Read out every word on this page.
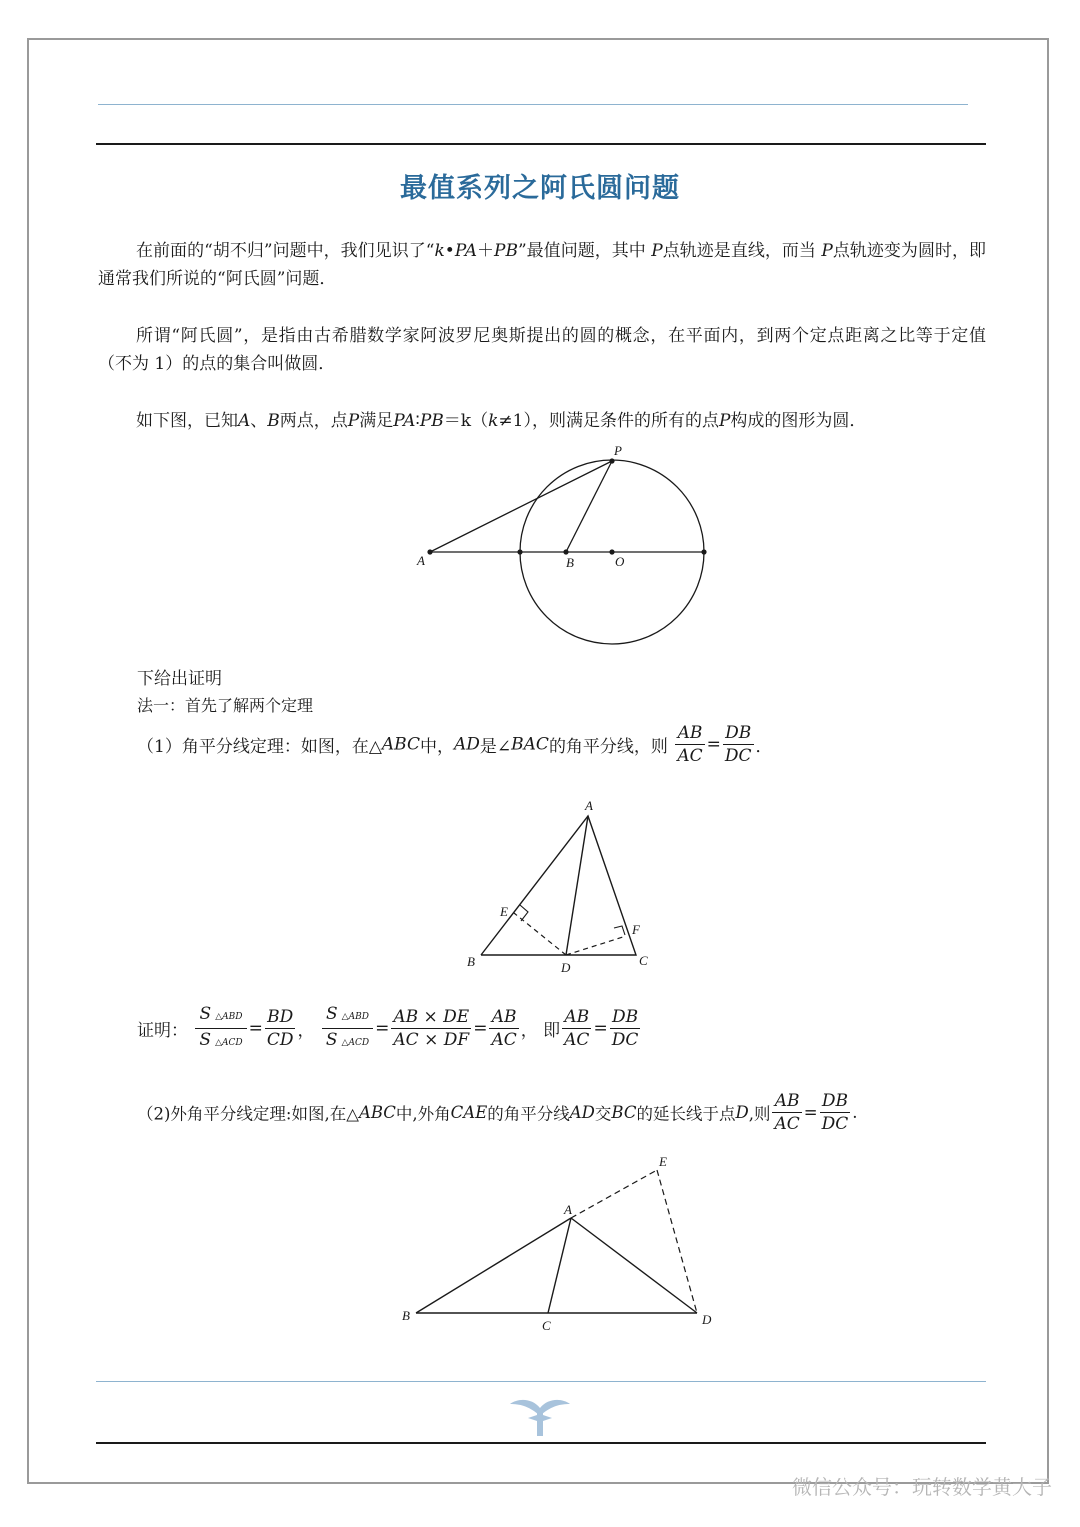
最值系列之阿氏圆问题
在前面的“胡不归”问题中，我们见识了“k•PA＋PB”最值问题，其中 P点轨迹是直线，而当 P点轨迹变为圆时，即通常我们所说的“阿氏圆”问题．
所谓“阿氏圆”，是指由古希腊数学家阿波罗尼奥斯提出的圆的概念，在平面内，到两个定点距离之比等于定值（不为 1）的点的集合叫做圆．
如下图，已知A、B两点，点P满足PA∶PB＝k（k≠1），则满足条件的所有的点P构成的图形为圆．
P
A	B	O
A
E
F
B	D	C
E
A
B
C	D
下给出证明
法一：首先了解两个定理
（1）角平分线定理：如图，在△ABC中，AD是∠BAC的角平分线，则 $\frac{AB}{AC} = \frac{DB}{DC}$ ．
证明： $\frac{\text{S △ABD}}{\text{S △ACD}} = \frac{BD}{CD}$ ， $\frac{\text{S △ABD}}{\text{S △ACD}} = \frac{AB \times DE}{AC \times DF} = \frac{AB}{AC}$ ， 即 $\frac{AB}{AC} = \frac{DB}{DC}$
（2)外角平分线定理:如图,在△ABC中,外角CAE的角平分线AD交BC的延长线于点D,则 $\frac{AB}{AC} = \frac{DB}{DC}$ .
微信公众号：玩转数学黄大子
